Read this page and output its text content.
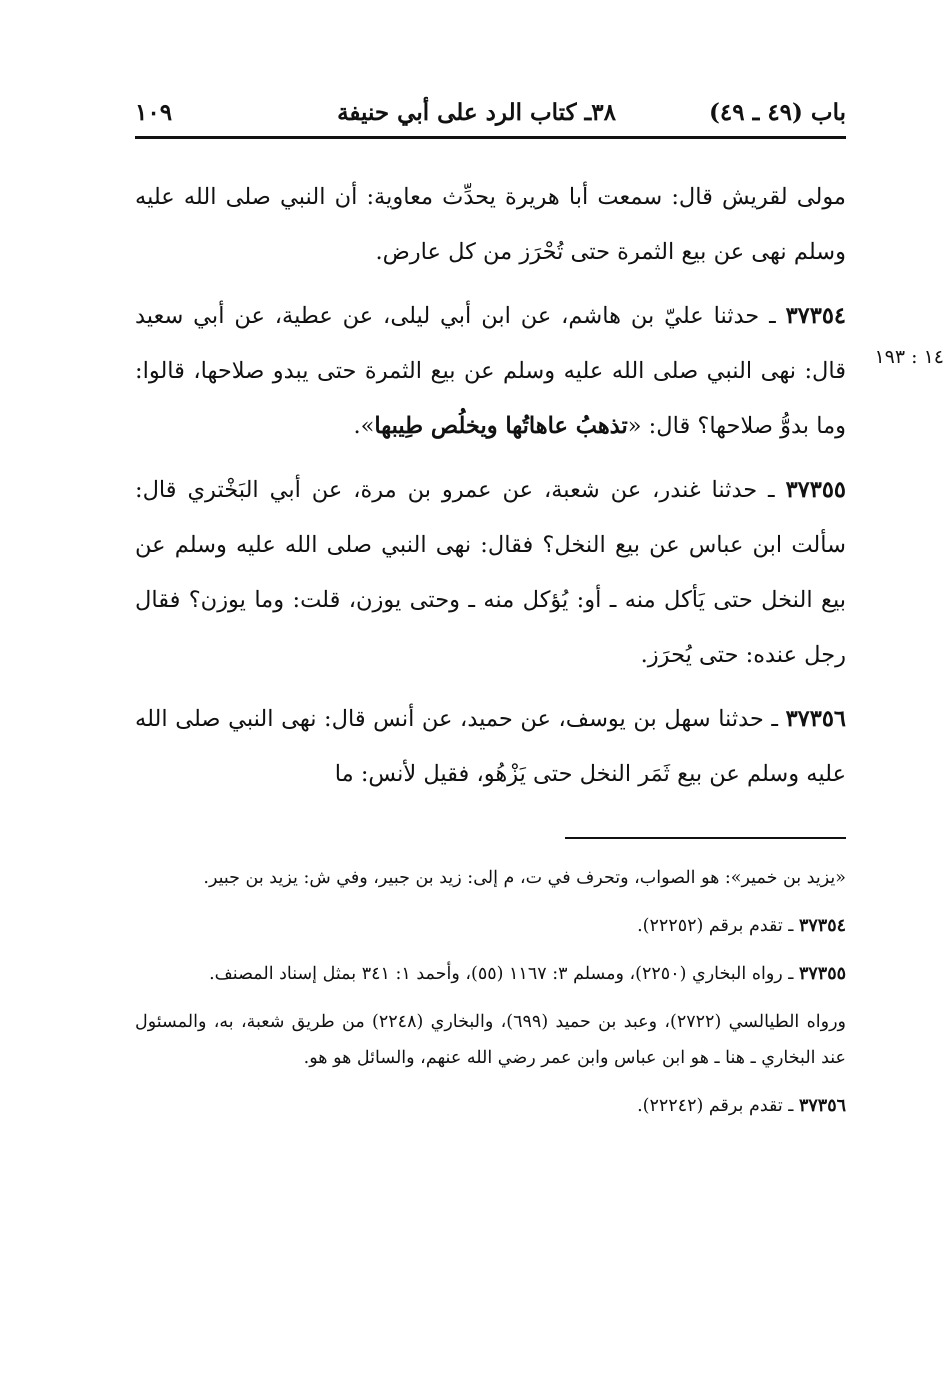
باب (٤٩ ـ ٤٩)
٣٨ـ كتاب الرد على أبي حنيفة
١٠٩
١٤ : ١٩٣

مولى لقريش قال: سمعت أبا هريرة يحدِّث معاوية: أن النبي صلى الله عليه وسلم نهى عن بيع الثمرة حتى تُحْرَز من كل عارض.

٣٧٣٥٤ ـ حدثنا عليّ بن هاشم، عن ابن أبي ليلى، عن عطية، عن أبي سعيد قال: نهى النبي صلى الله عليه وسلم عن بيع الثمرة حتى يبدو صلاحها، قالوا: وما بدوُّ صلاحها؟ قال: «تذهبُ عاهاتُها ويخلُص طِيبها».

٣٧٣٥٥ ـ حدثنا غندر، عن شعبة، عن عمرو بن مرة، عن أبي البَخْتري قال: سألت ابن عباس عن بيع النخل؟ فقال: نهى النبي صلى الله عليه وسلم عن بيع النخل حتى يَأكل منه ـ أو: يُؤكل منه ـ وحتى يوزن، قلت: وما يوزن؟ فقال رجل عنده: حتى يُحرَز.

٣٧٣٥٦ ـ حدثنا سهل بن يوسف، عن حميد، عن أنس قال: نهى النبي صلى الله عليه وسلم عن بيع ثَمَر النخل حتى يَزْهُو، فقيل لأنس: ما

«يزيد بن خمير»: هو الصواب، وتحرف في ت، م إلى: زيد بن جبير، وفي ش: يزيد بن جبير.

٣٧٣٥٤ ـ تقدم برقم (٢٢٢٥٢).

٣٧٣٥٥ ـ رواه البخاري (٢٢٥٠)، ومسلم ٣: ١١٦٧ (٥٥)، وأحمد ١: ٣٤١ بمثل إسناد المصنف.

ورواه الطيالسي (٢٧٢٢)، وعبد بن حميد (٦٩٩)، والبخاري (٢٢٤٨) من طريق شعبة، به، والمسئول عند البخاري ـ هنا ـ هو ابن عباس وابن عمر رضي الله عنهم، والسائل هو هو.

٣٧٣٥٦ ـ تقدم برقم (٢٢٢٤٢).
